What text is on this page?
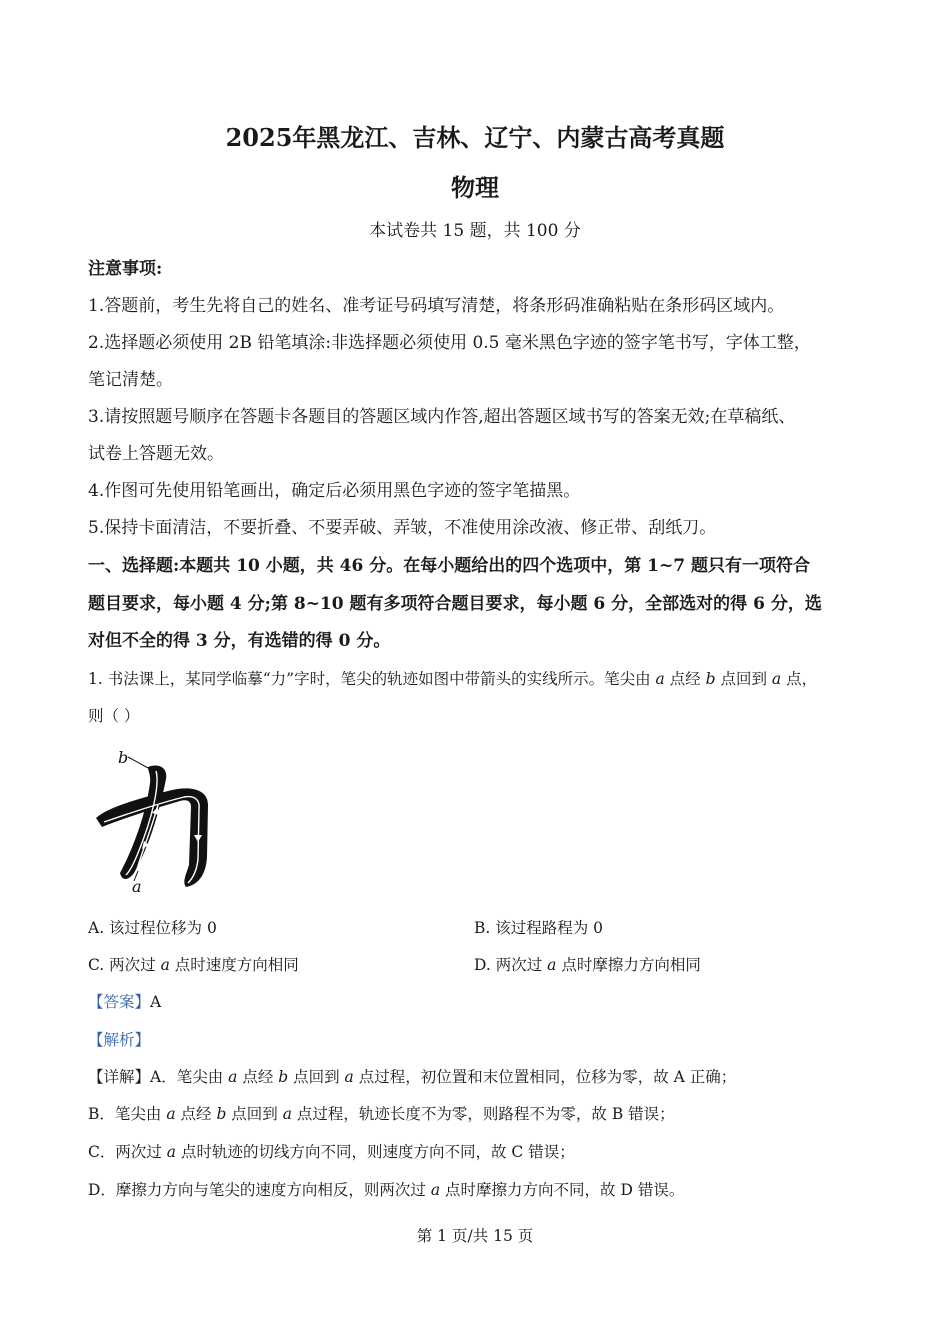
2025年黑龙江、吉林、辽宁、内蒙古高考真题
物理
本试卷共 15 题，共 100 分
注意事项:
1.答题前，考生先将自己的姓名、准考证号码填写清楚，将条形码准确粘贴在条形码区域内。
2.选择题必须使用 2B 铅笔填涂:非选择题必须使用 0.5 毫米黑色字迹的签字笔书写，字体工整，
笔记清楚。
3.请按照题号顺序在答题卡各题目的答题区域内作答,超出答题区域书写的答案无效;在草稿纸、
试卷上答题无效。
4.作图可先使用铅笔画出，确定后必须用黑色字迹的签字笔描黑。
5.保持卡面清洁，不要折叠、不要弄破、弄皱，不准使用涂改液、修正带、刮纸刀。
一、选择题:本题共 10 小题，共 46 分。在每小题给出的四个选项中，第 1~7 题只有一项符合
题目要求，每小题 4 分;第 8~10 题有多项符合题目要求，每小题 6 分，全部选对的得 6 分，选
对但不全的得 3 分，有选错的得 0 分。
1. 书法课上，某同学临摹“力”字时，笔尖的轨迹如图中带箭头的实线所示。笔尖由 a 点经 b 点回到 a 点，
则（ ）
b
a
A. 该过程位移为 0	B. 该过程路程为 0
C. 两次过 a 点时速度方向相同	D. 两次过 a 点时摩擦力方向相同
【答案】A
【解析】
【详解】A．笔尖由 a 点经 b 点回到 a 点过程，初位置和末位置相同，位移为零，故 A 正确；
B．笔尖由 a 点经 b 点回到 a 点过程，轨迹长度不为零，则路程不为零，故 B 错误；
C．两次过 a 点时轨迹的切线方向不同，则速度方向不同，故 C 错误；
D．摩擦力方向与笔尖的速度方向相反，则两次过 a 点时摩擦力方向不同，故 D 错误。
第 1 页/共 15 页
